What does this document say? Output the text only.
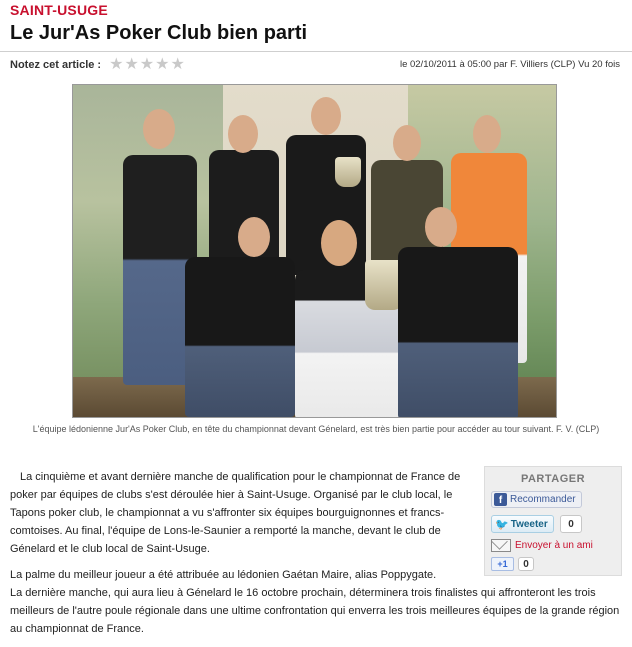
SAINT-USUGE
Le Jur'As Poker Club bien parti
Notez cet article : ★ ★ ★ ★ ★	le 02/10/2011 à 05:00 par F. Villiers (CLP) Vu 20 fois
L'équipe lédonienne Jur'As Poker Club, en tête du championnat devant Génelard, est très bien partie pour accéder au tour suivant. F. V. (CLP)

La cinquième et avant dernière manche de qualification pour le championnat de France de poker par équipes de clubs s'est déroulée hier à Saint-Usuge. Organisé par le club local, le Tapons poker club, le championnat a vu s'affronter six équipes bourguignonnes et francs-comtoises. Au final, l'équipe de Lons-le-Saunier a remporté la manche, devant le club de Génelard et le club local de Saint-Usuge.

La palme du meilleur joueur a été attribuée au lédonien Gaétan Maire, alias Poppygate.

La dernière manche, qui aura lieu à Génelard le 16 octobre prochain, déterminera trois finalistes qui affronteront les trois meilleurs de l'autre poule régionale dans une ultime confrontation qui enverra les trois meilleures équipes de la grande région au championnat de France.

PARTAGER
f Recommander
🐦 Tweeter	0
Envoyer à un ami
+1	0
